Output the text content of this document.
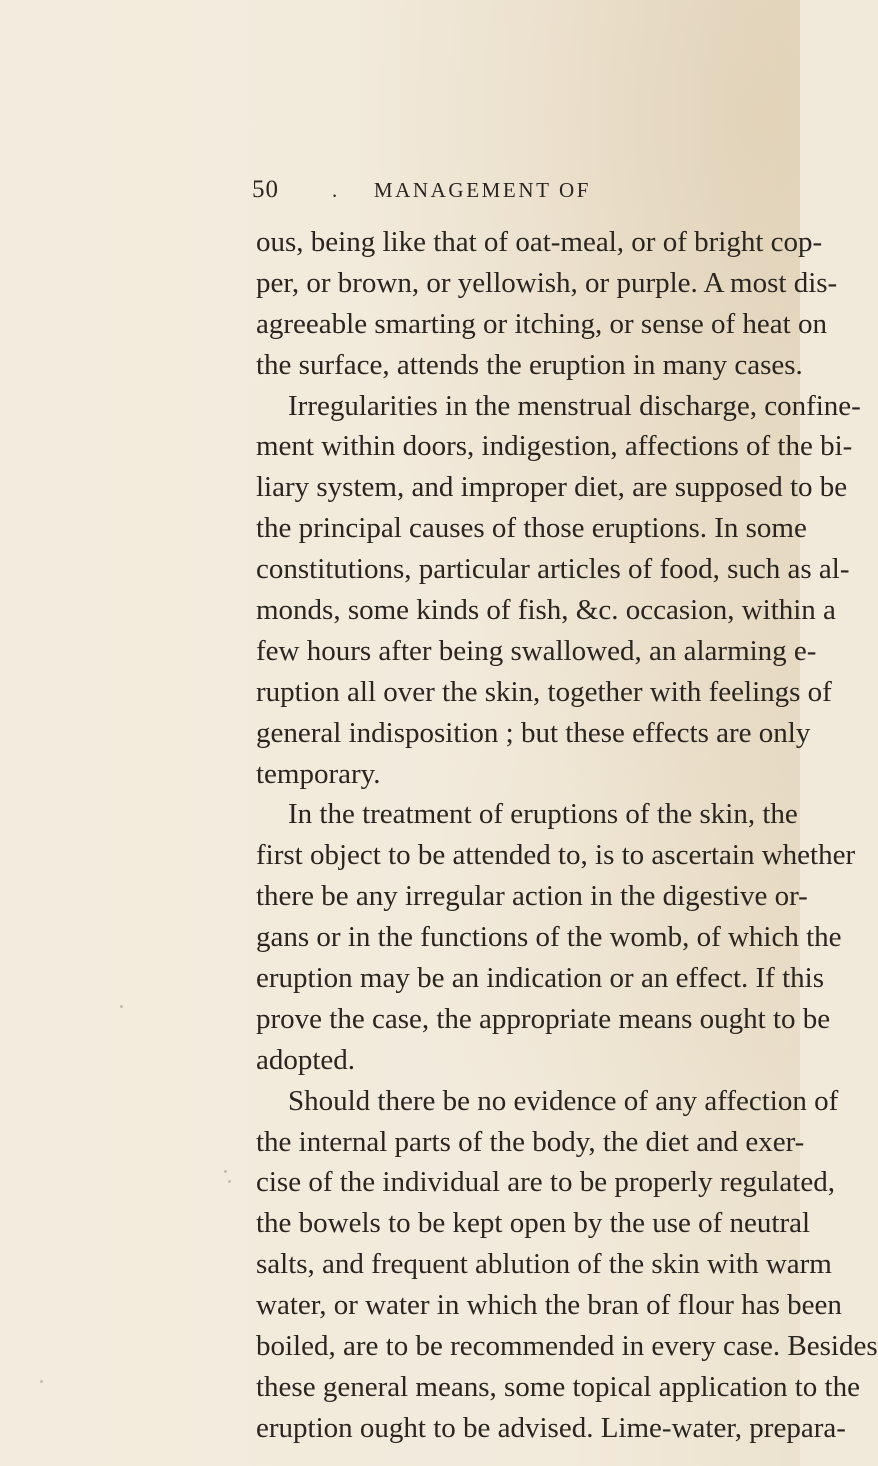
50	. MANAGEMENT OF
ous, being like that of oat-meal, or of bright cop-
per, or brown, or yellowish, or purple. A most dis-
agreeable smarting or itching, or sense of heat on
the surface, attends the eruption in many cases.
Irregularities in the menstrual discharge, confine-
ment within doors, indigestion, affections of the bi-
liary system, and improper diet, are supposed to be
the principal causes of those eruptions. In some
constitutions, particular articles of food, such as al-
monds, some kinds of fish, &c. occasion, within a
few hours after being swallowed, an alarming e-
ruption all over the skin, together with feelings of
general indisposition ; but these effects are only
temporary.
In the treatment of eruptions of the skin, the
first object to be attended to, is to ascertain whether
there be any irregular action in the digestive or-
gans or in the functions of the womb, of which the
eruption may be an indication or an effect. If this
prove the case, the appropriate means ought to be
adopted.
Should there be no evidence of any affection of
the internal parts of the body, the diet and exer-
cise of the individual are to be properly regulated,
the bowels to be kept open by the use of neutral
salts, and frequent ablution of the skin with warm
water, or water in which the bran of flour has been
boiled, are to be recommended in every case. Besides
these general means, some topical application to the
eruption ought to be advised. Lime-water, prepara-
